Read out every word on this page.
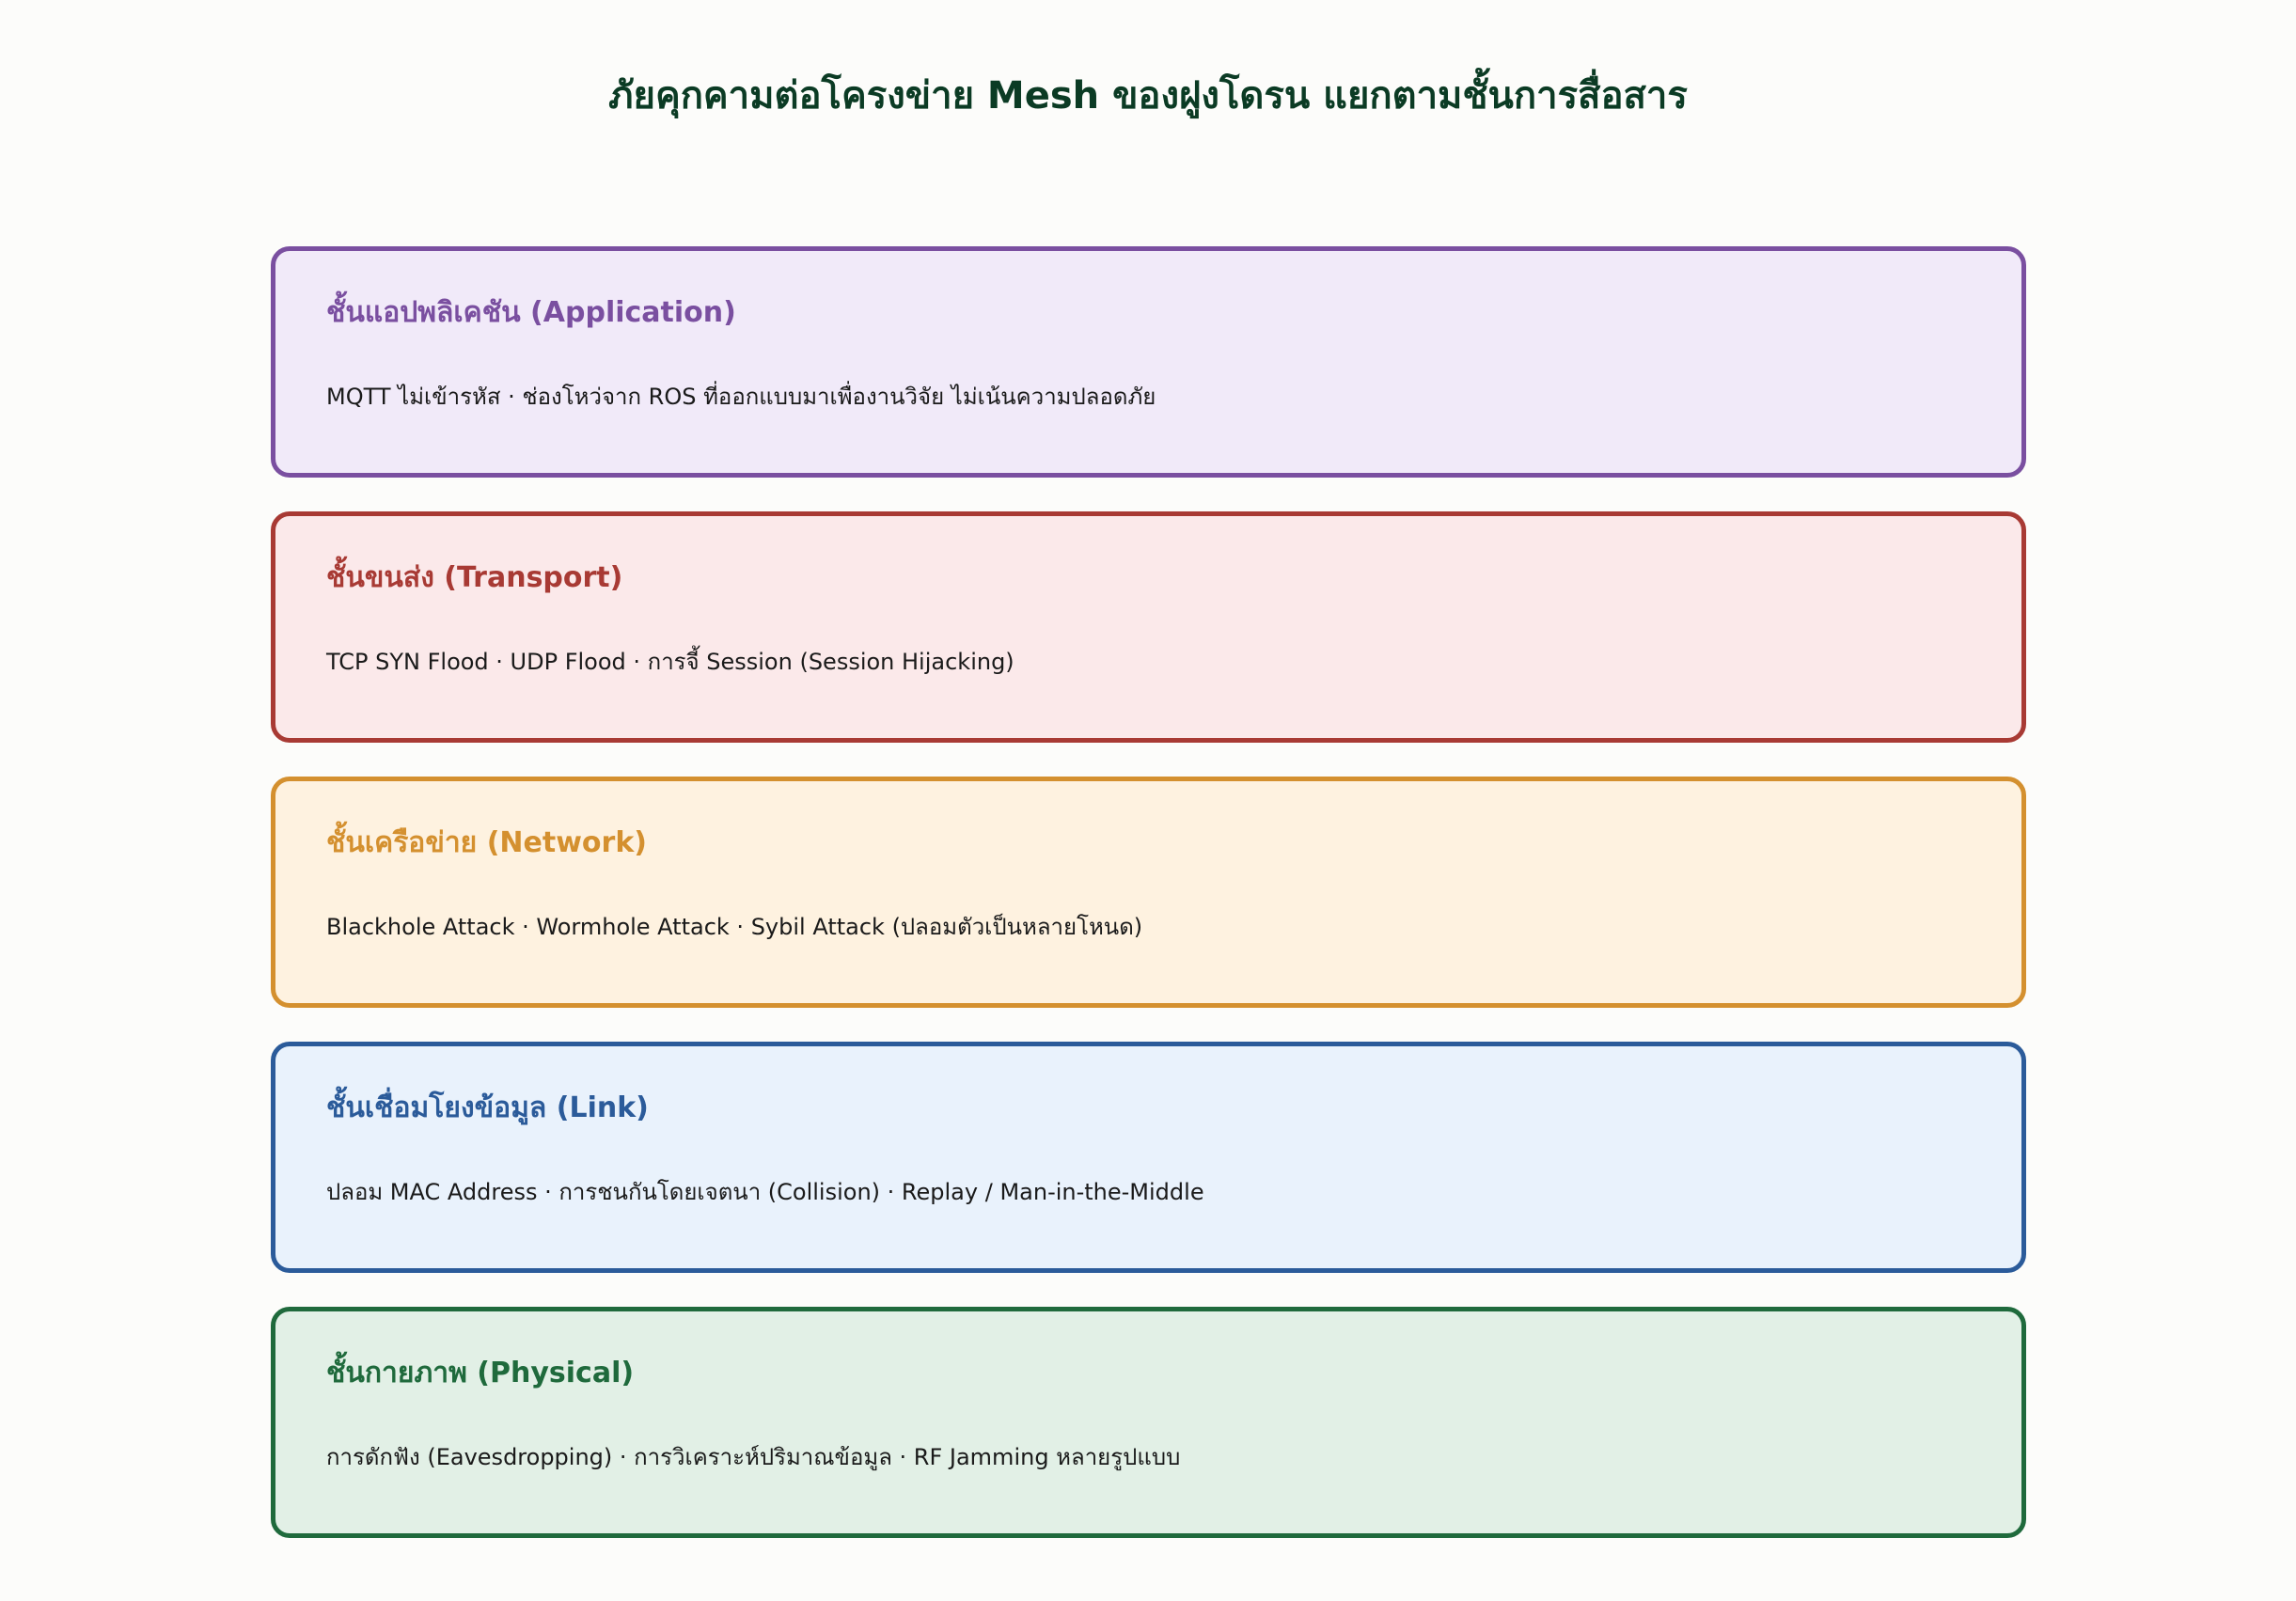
ภัยคุกคามต่อโครงข่าย Mesh ของฝูงโดรน แยกตามชั้นการสื่อสาร
ชั้นแอปพลิเคชัน (Application)
MQTT ไม่เข้ารหัส · ช่องโหว่จาก ROS ที่ออกแบบมาเพื่องานวิจัย ไม่เน้นความปลอดภัย
ชั้นขนส่ง (Transport)
TCP SYN Flood · UDP Flood · การจี้ Session (Session Hijacking)
ชั้นเครือข่าย (Network)
Blackhole Attack · Wormhole Attack · Sybil Attack (ปลอมตัวเป็นหลายโหนด)
ชั้นเชื่อมโยงข้อมูล (Link)
ปลอม MAC Address · การชนกันโดยเจตนา (Collision) · Replay / Man-in-the-Middle
ชั้นกายภาพ (Physical)
การดักฟัง (Eavesdropping) · การวิเคราะห์ปริมาณข้อมูล · RF Jamming หลายรูปแบบ
